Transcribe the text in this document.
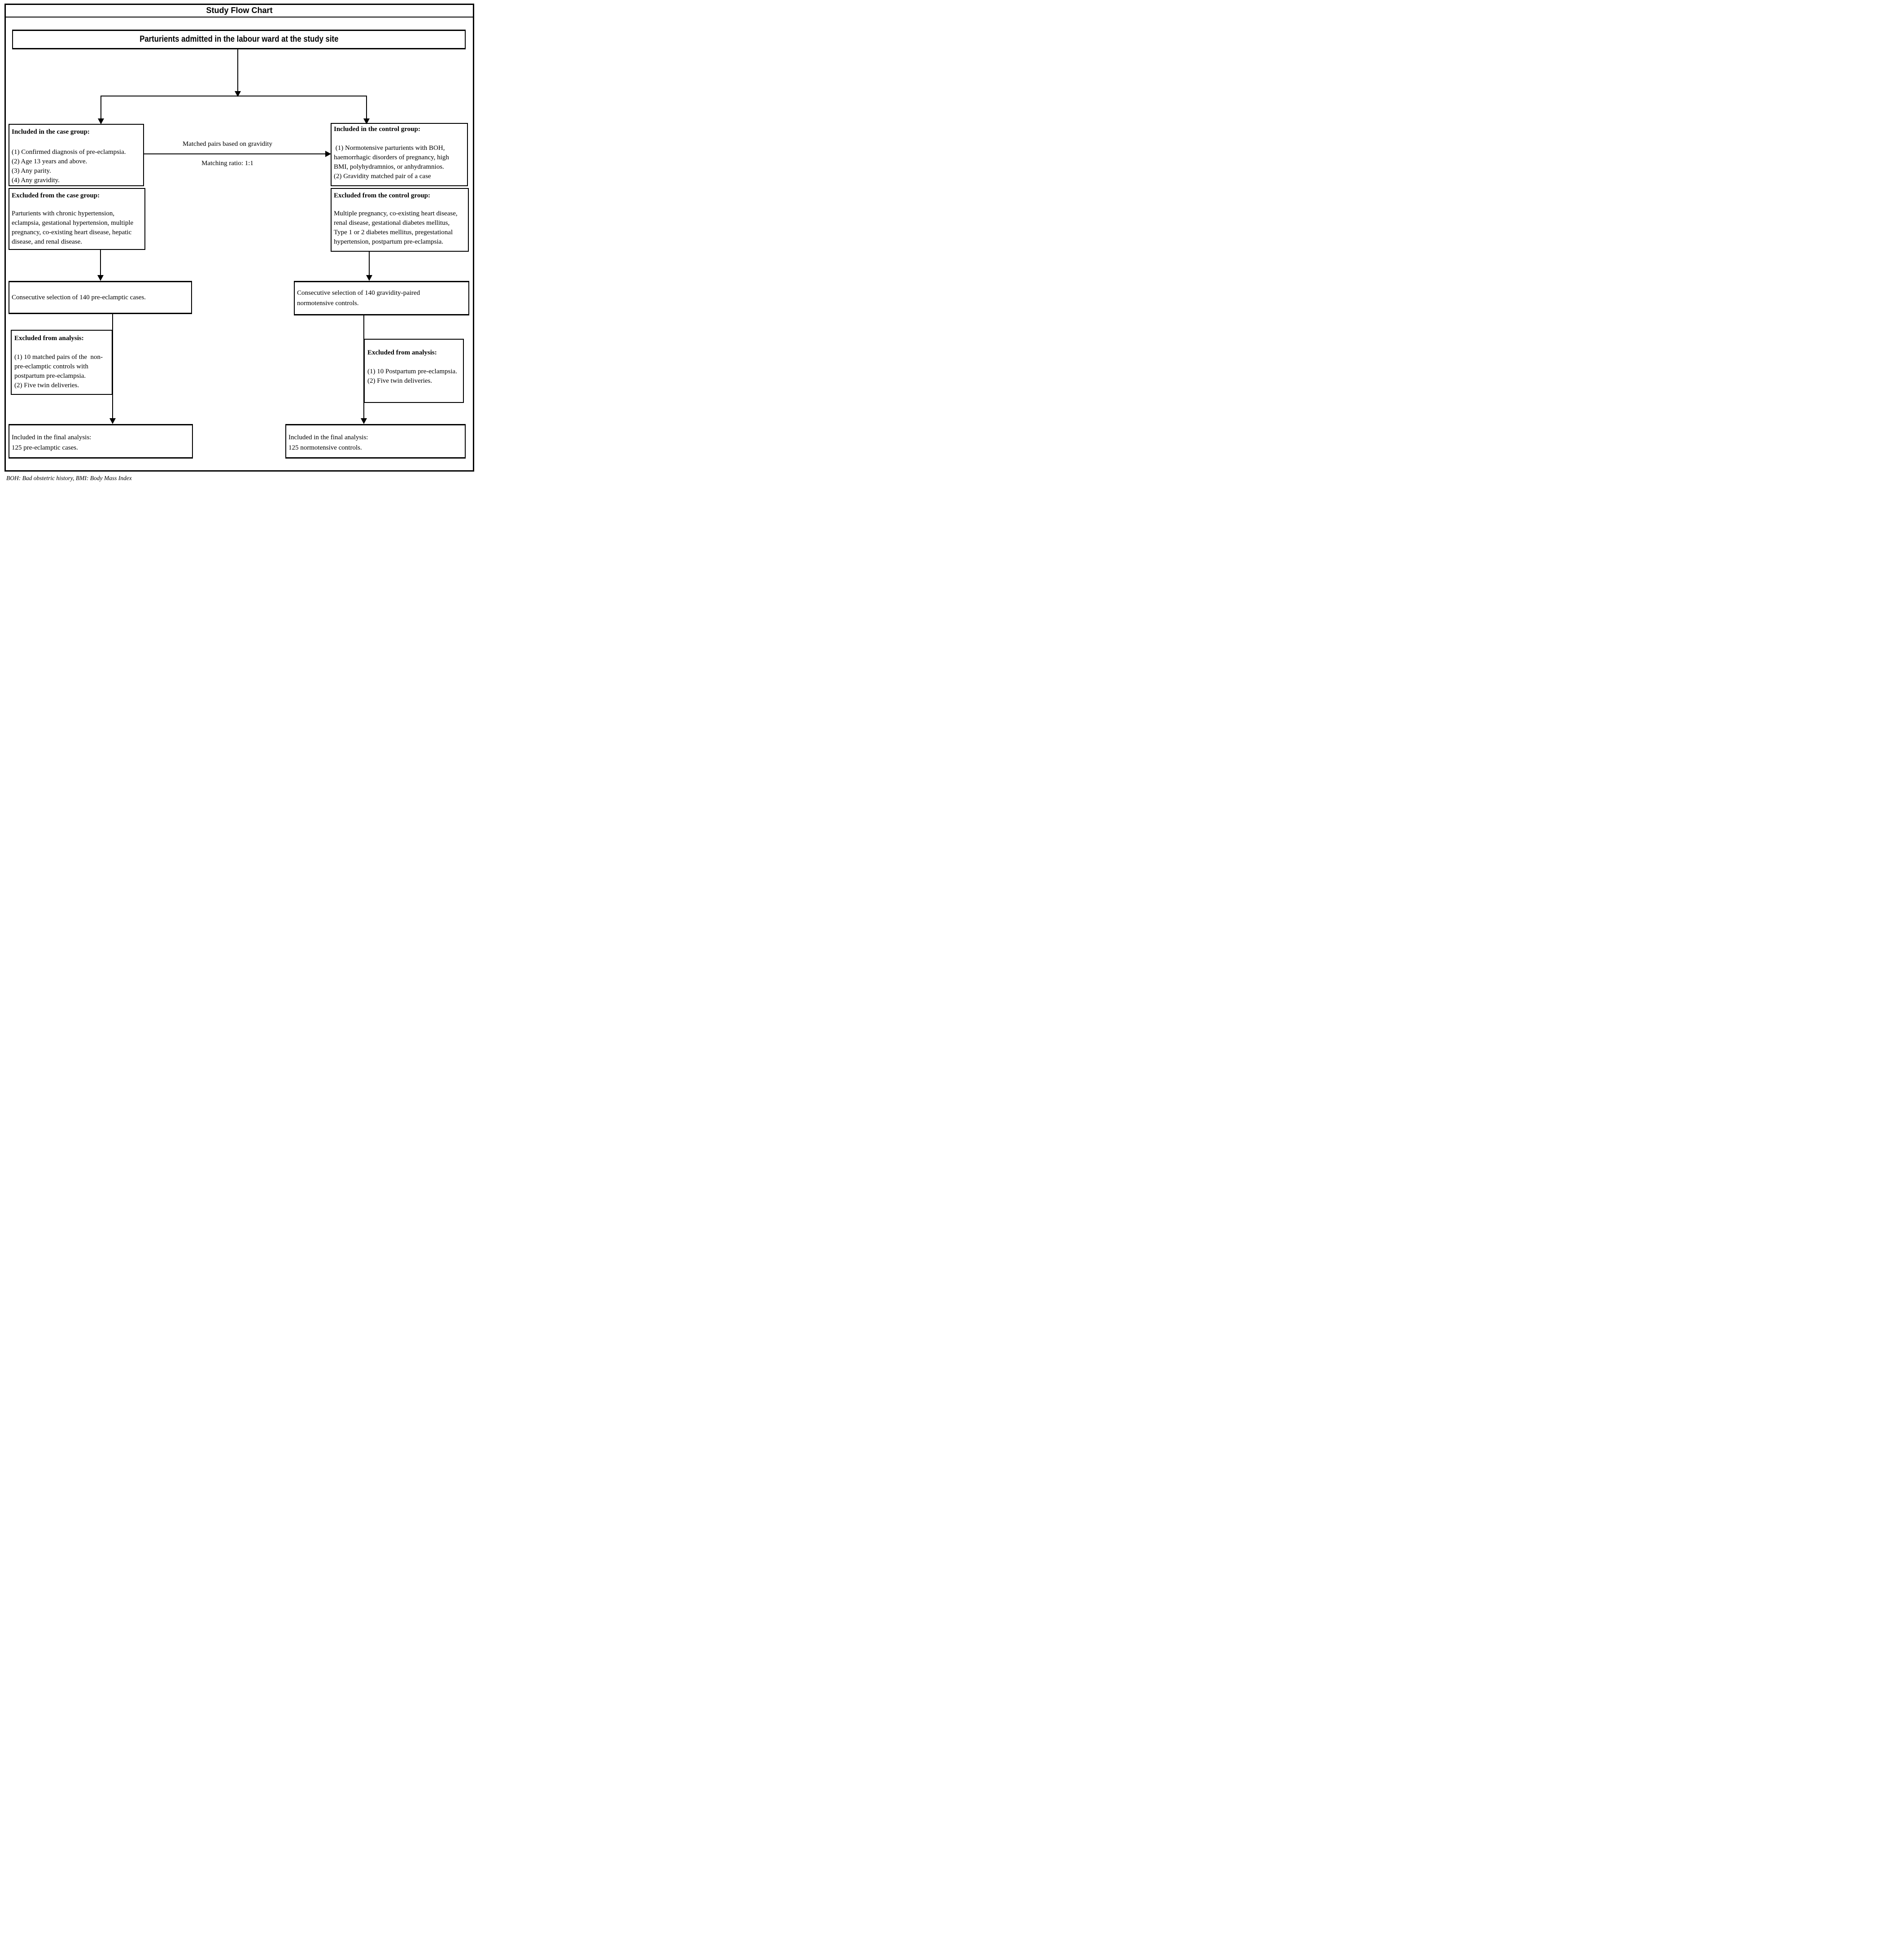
Study Flow Chart
Parturients admitted in the labour ward at the study site
Included in the case group:
(1) Confirmed diagnosis of pre-eclampsia.
(2) Age 13 years and above.
(3) Any parity.
(4) Any gravidity.
Included in the control group:
(1) Normotensive parturients with BOH,
haemorrhagic disorders of pregnancy, high
BMI, polyhydramnios, or anhydramnios.
(2) Gravidity matched pair of a case
Matched pairs based on gravidity
Matching ratio: 1:1
Excluded from the case group:
Parturients with chronic hypertension,
eclampsia, gestational hypertension, multiple
pregnancy, co-existing heart disease, hepatic
disease, and renal disease.
Excluded from the control group:
Multiple pregnancy, co-existing heart disease,
renal disease, gestational diabetes mellitus,
Type 1 or 2 diabetes mellitus, pregestational
hypertension, postpartum pre-eclampsia.
Consecutive selection of 140 pre-eclamptic cases.
Consecutive selection of 140 gravidity-paired
normotensive controls.
Excluded from analysis:
(1) 10 matched pairs of the  non-
pre-eclamptic controls with
postpartum pre-eclampsia.
(2) Five twin deliveries.
Excluded from analysis:
(1) 10 Postpartum pre-eclampsia.
(2) Five twin deliveries.
Included in the final analysis:
125 pre-eclamptic cases.
Included in the final analysis:
125 normotensive controls.
BOH: Bad obstetric history, BMI: Body Mass Index
